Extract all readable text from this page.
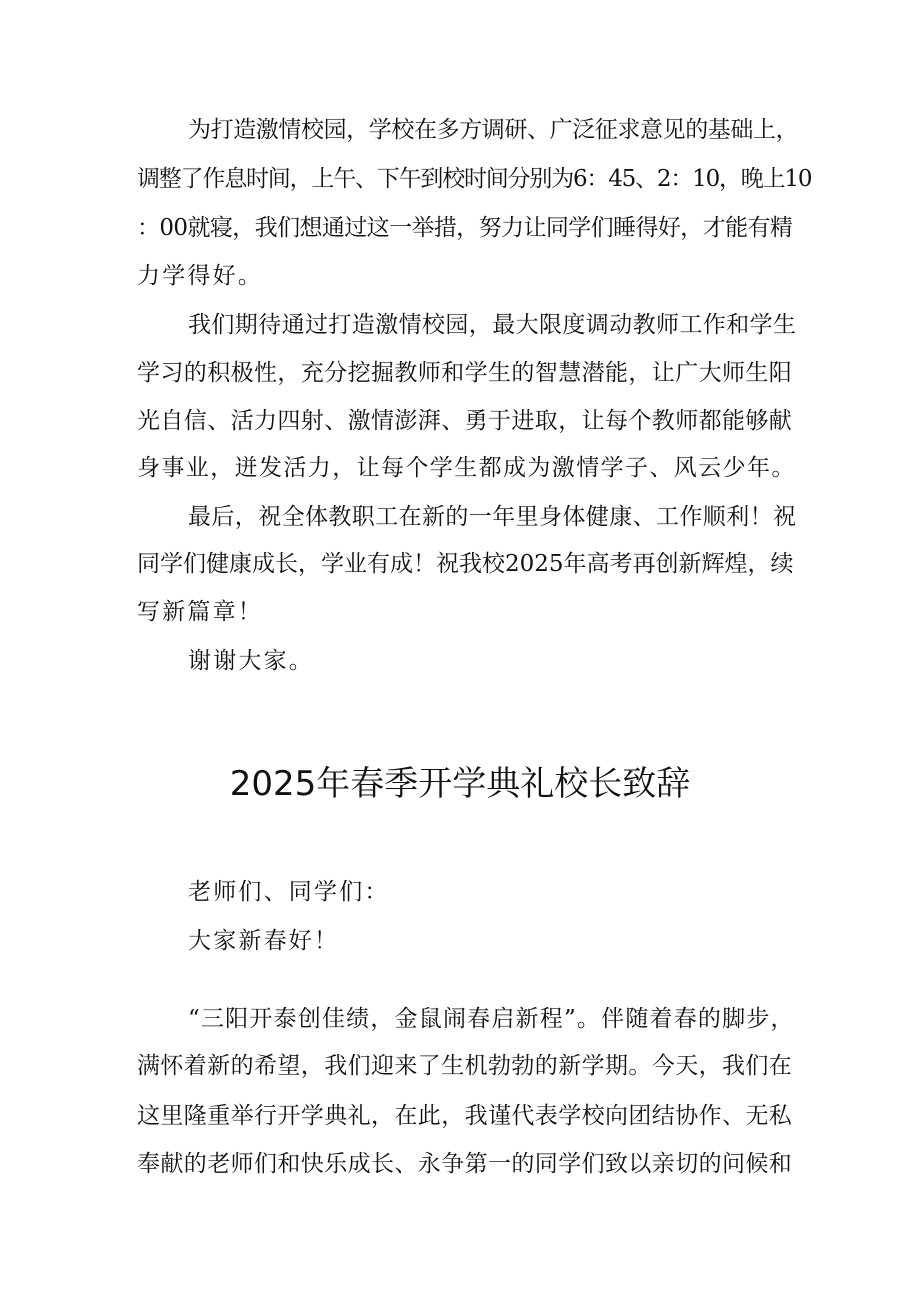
为打造激情校园，学校在多方调研、广泛征求意见的基础上，
调整了作息时间，上午、下午到校时间分别为6：45、2：10，晚上10
：00就寝，我们想通过这一举措，努力让同学们睡得好，才能有精
力学得好。
我们期待通过打造激情校园，最大限度调动教师工作和学生
学习的积极性，充分挖掘教师和学生的智慧潜能，让广大师生阳
光自信、活力四射、激情澎湃、勇于进取，让每个教师都能够献
身事业，迸发活力，让每个学生都成为激情学子、风云少年。
最后，祝全体教职工在新的一年里身体健康、工作顺利！祝
同学们健康成长，学业有成！祝我校2025年高考再创新辉煌，续
写新篇章！
谢谢大家。
2025年春季开学典礼校长致辞
老师们、同学们：
大家新春好！
“三阳开泰创佳绩，金鼠闹春启新程”。伴随着春的脚步，
满怀着新的希望，我们迎来了生机勃勃的新学期。今天，我们在
这里隆重举行开学典礼，在此，我谨代表学校向团结协作、无私
奉献的老师们和快乐成长、永争第一的同学们致以亲切的问候和
